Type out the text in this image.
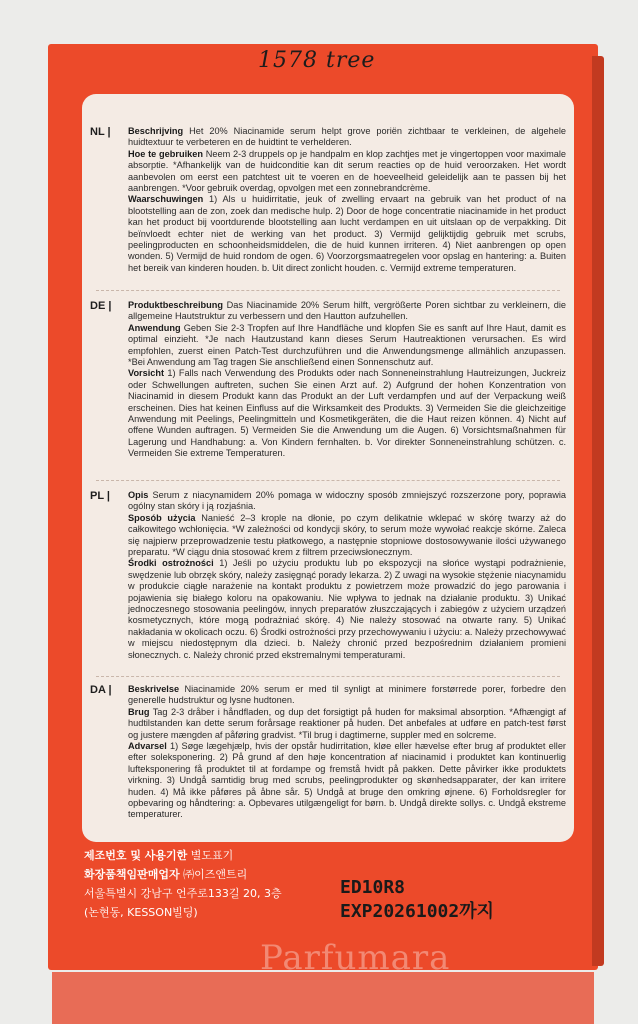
1578 tree
NL |	Beschrijving Het 20% Niacinamide serum helpt grove poriën zichtbaar te verkleinen, de algehele huidtextuur te verbeteren en de huidtint te verhelderen.
Hoe te gebruiken Neem 2-3 druppels op je handpalm en klop zachtjes met je vingertoppen voor maximale absorptie. *Afhankelijk van de huidconditie kan dit serum reacties op de huid veroorzaken. Het wordt aanbevolen om eerst een patchtest uit te voeren en de hoeveelheid geleidelijk aan te passen bij het aanbrengen. *Voor gebruik overdag, opvolgen met een zonnebrandcrème.
Waarschuwingen 1) Als u huidirritatie, jeuk of zwelling ervaart na gebruik van het product of na blootstelling aan de zon, zoek dan medische hulp. 2) Door de hoge concentratie niacinamide in het product kan het product bij voortdurende blootstelling aan lucht verdampen en uit uitslaan op de verpakking. Dit beïnvloedt echter niet de werking van het product. 3) Vermijd gelijktijdig gebruik met scrubs, peelingproducten en schoonheidsmiddelen, die de huid kunnen irriteren. 4) Niet aanbrengen op open wonden. 5) Vermijd de huid rondom de ogen. 6) Voorzorgsmaatregelen voor opslag en hantering: a. Buiten het bereik van kinderen houden. b. Uit direct zonlicht houden. c. Vermijd extreme temperaturen.
DE |	Produktbeschreibung Das Niacinamide 20% Serum hilft, vergrößerte Poren sichtbar zu verkleinern, die allgemeine Hautstruktur zu verbessern und den Hautton aufzuhellen.
Anwendung Geben Sie 2-3 Tropfen auf Ihre Handfläche und klopfen Sie es sanft auf Ihre Haut, damit es optimal einzieht. *Je nach Hautzustand kann dieses Serum Hautreaktionen verursachen. Es wird empfohlen, zuerst einen Patch-Test durchzuführen und die Anwendungsmenge allmählich anzupassen. *Bei Anwendung am Tag tragen Sie anschließend einen Sonnenschutz auf.
Vorsicht 1) Falls nach Verwendung des Produkts oder nach Sonneneinstrahlung Hautreizungen, Juckreiz oder Schwellungen auftreten, suchen Sie einen Arzt auf. 2) Aufgrund der hohen Konzentration von Niacinamid in diesem Produkt kann das Produkt an der Luft verdampfen und auf der Verpackung weiß erscheinen. Dies hat keinen Einfluss auf die Wirksamkeit des Produkts. 3) Vermeiden Sie die gleichzeitige Anwendung mit Peelings, Peelingmitteln und Kosmetikgeräten, die die Haut reizen können. 4) Nicht auf offene Wunden auftragen. 5) Vermeiden Sie die Anwendung um die Augen. 6) Vorsichtsmaßnahmen für Lagerung und Handhabung: a. Von Kindern fernhalten. b. Vor direkter Sonneneinstrahlung schützen. c. Vermeiden Sie extreme Temperaturen.
PL |	Opis Serum z niacynamidem 20% pomaga w widoczny sposób zmniejszyć rozszerzone pory, poprawia ogólny stan skóry i ją rozjaśnia.
Sposób użycia Nanieść 2–3 krople na dłonie, po czym delikatnie wklepać w skórę twarzy aż do całkowitego wchłonięcia. *W zależności od kondycji skóry, to serum może wywołać reakcje skórne. Zaleca się najpierw przeprowadzenie testu płatkowego, a następnie stopniowe dostosowywanie ilości używanego preparatu. *W ciągu dnia stosować krem z filtrem przeciwsłonecznym.
Środki ostrożności 1) Jeśli po użyciu produktu lub po ekspozycji na słońce wystąpi podrażnienie, swędzenie lub obrzęk skóry, należy zasięgnąć porady lekarza. 2) Z uwagi na wysokie stężenie niacynamidu w produkcie ciągłe narażenie na kontakt produktu z powietrzem może prowadzić do jego parowania i pojawienia się białego koloru na opakowaniu. Nie wpływa to jednak na działanie produktu. 3) Unikać jednoczesnego stosowania peelingów, innych preparatów złuszczających i zabiegów z użyciem urządzeń kosmetycznych, które mogą podrażniać skórę. 4) Nie należy stosować na otwarte rany. 5) Unikać nakładania w okolicach oczu. 6) Środki ostrożności przy przechowywaniu i użyciu: a. Należy przechowywać w miejscu niedostępnym dla dzieci. b. Należy chronić przed bezpośrednim działaniem promieni słonecznych. c. Należy chronić przed ekstremalnymi temperaturami.
DA |	Beskrivelse Niacinamide 20% serum er med til synligt at minimere forstørrede porer, forbedre den generelle hudstruktur og lysne hudtonen.
Brug Tag 2-3 dråber i håndfladen, og dup det forsigtigt på huden for maksimal absorption. *Afhængigt af hudtilstanden kan dette serum forårsage reaktioner på huden. Det anbefales at udføre en patch-test først og justere mængden af påføring gradvist. *Til brug i dagtimerne, suppler med en solcreme.
Advarsel 1) Søge lægehjælp, hvis der opstår hudirritation, kløe eller hævelse efter brug af produktet eller efter soleksponering. 2) På grund af den høje koncentration af niacinamid i produktet kan kontinuerlig lufteksponering få produktet til at fordampe og fremstå hvidt på pakken. Dette påvirker ikke produktets virkning. 3) Undgå samtidig brug med scrubs, peelingprodukter og skønhedsapparater, der kan irritere huden. 4) Må ikke påføres på åbne sår. 5) Undgå at bruge den omkring øjnene. 6) Forholdsregler for opbevaring og håndtering: a. Opbevares utilgængeligt for børn. b. Undgå direkte sollys. c. Undgå ekstreme temperaturer.
제조번호 및 사용기한 별도표기
화장품책임판매업자 ㈜이즈앤트리
서울특별시 강남구 언주로133길 20, 3층
(논현동, KESSON빌딩)
ED10R8
EXP20261002까지
Parfumara
